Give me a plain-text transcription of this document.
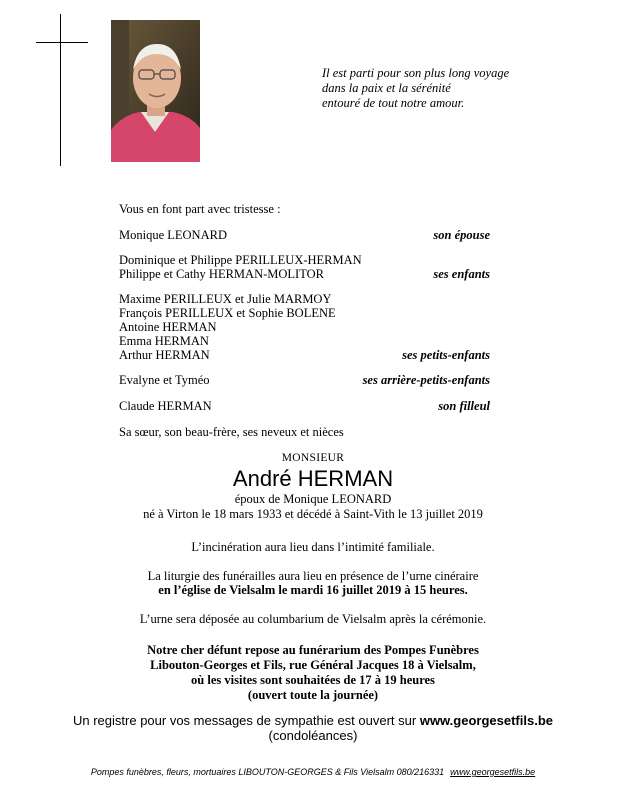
Il est parti pour son plus long voyage
dans la paix et la sérénité
entouré de tout notre amour.
Vous en font part avec tristesse :
Monique LEONARD	son épouse
Dominique et Philippe PERILLEUX-HERMAN
Philippe et Cathy HERMAN-MOLITOR	ses enfants
Maxime PERILLEUX et Julie MARMOY
François PERILLEUX et Sophie BOLENE
Antoine HERMAN
Emma HERMAN
Arthur HERMAN	ses petits-enfants
Evalyne et Tyméo	ses arrière-petits-enfants
Claude HERMAN	son filleul
Sa sœur, son beau-frère, ses neveux et nièces
MONSIEUR
André HERMAN
époux de Monique LEONARD
né à Virton le 18 mars 1933 et décédé à Saint-Vith le 13 juillet 2019
L’incinération aura lieu dans l’intimité familiale.
La liturgie des funérailles aura lieu en présence de l’urne cinéraire
en l’église de Vielsalm le mardi 16 juillet 2019 à 15 heures.
L’urne sera déposée au columbarium de Vielsalm après la cérémonie.
Notre cher défunt repose au funérarium des Pompes Funèbres
Libouton-Georges et Fils, rue Général Jacques 18 à Vielsalm,
où les visites sont souhaitées de 17 à 19 heures
(ouvert toute la journée)
Un registre pour vos messages de sympathie est ouvert sur www.georgesetfils.be
(condoléances)
Pompes funèbres, fleurs, mortuaires LIBOUTON-GEORGES & Fils Vielsalm 080/216331 www.georgesetfils.be
